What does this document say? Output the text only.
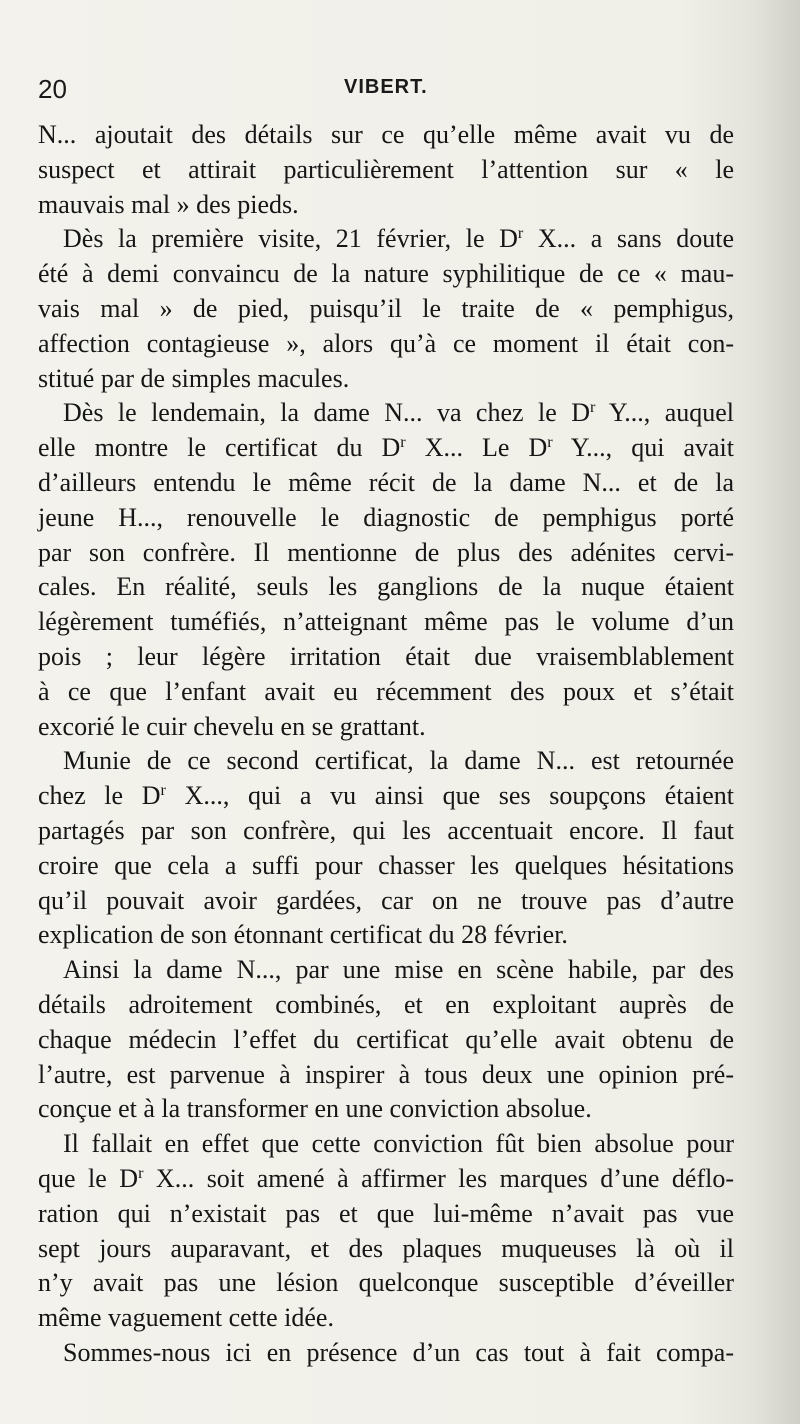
20	VIBERT.
N... ajoutait des détails sur ce qu’elle même avait vu de
suspect et attirait particulièrement l’attention sur « le
mauvais mal » des pieds.
Dès la première visite, 21 février, le $D^r$ X... a sans doute
été à demi convaincu de la nature syphilitique de ce « mau-
vais mal » de pied, puisqu’il le traite de « pemphigus,
affection contagieuse », alors qu’à ce moment il était con-
stitué par de simples macules.
Dès le lendemain, la dame N... va chez le $D^r$ Y..., auquel
elle montre le certificat du $D^r$ X... Le $D^r$ Y..., qui avait
d’ailleurs entendu le même récit de la dame N... et de la
jeune H..., renouvelle le diagnostic de pemphigus porté
par son confrère. Il mentionne de plus des adénites cervi-
cales. En réalité, seuls les ganglions de la nuque étaient
légèrement tuméfiés, n’atteignant même pas le volume d’un
pois ; leur légère irritation était due vraisemblablement
à ce que l’enfant avait eu récemment des poux et s’était
excorié le cuir chevelu en se grattant.
Munie de ce second certificat, la dame N... est retournée
chez le $D^r$ X..., qui a vu ainsi que ses soupçons étaient
partagés par son confrère, qui les accentuait encore. Il faut
croire que cela a suffi pour chasser les quelques hésitations
qu’il pouvait avoir gardées, car on ne trouve pas d’autre
explication de son étonnant certificat du 28 février.
Ainsi la dame N..., par une mise en scène habile, par des
détails adroitement combinés, et en exploitant auprès de
chaque médecin l’effet du certificat qu’elle avait obtenu de
l’autre, est parvenue à inspirer à tous deux une opinion pré-
conçue et à la transformer en une conviction absolue.
Il fallait en effet que cette conviction fût bien absolue pour
que le $D^r$ X... soit amené à affirmer les marques d’une déflo-
ration qui n’existait pas et que lui-même n’avait pas vue
sept jours auparavant, et des plaques muqueuses là où il
n’y avait pas une lésion quelconque susceptible d’éveiller
même vaguement cette idée.
Sommes-nous ici en présence d’un cas tout à fait compa-
